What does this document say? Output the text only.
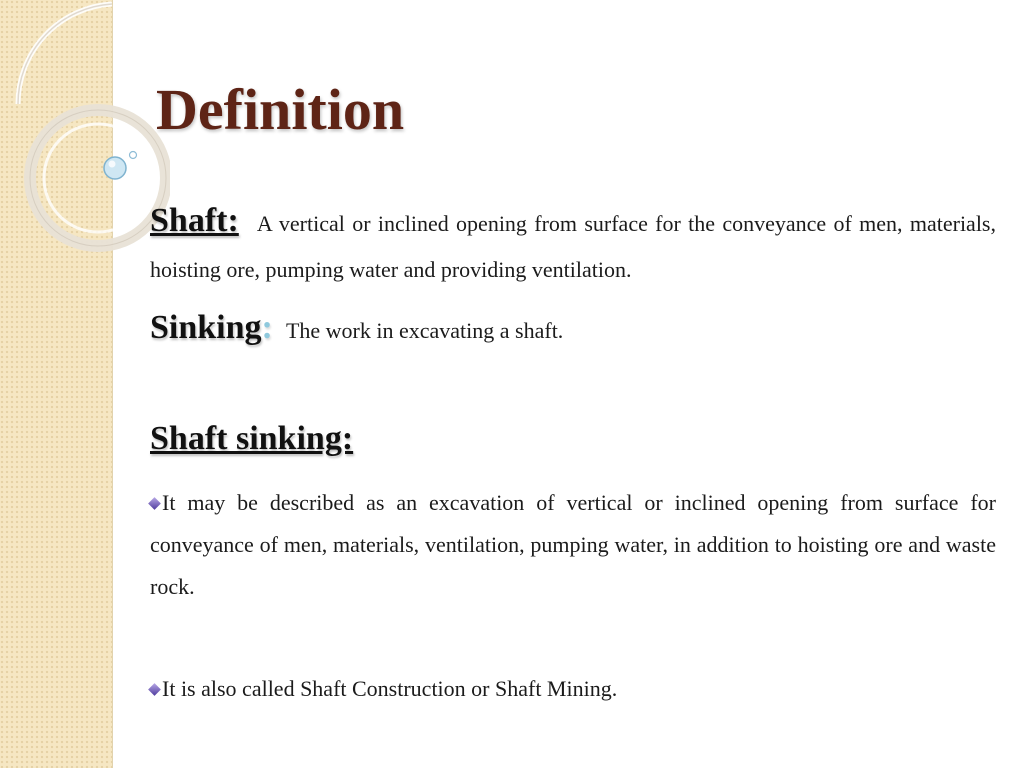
Definition

Shaft: A vertical or inclined opening from surface for the conveyance of men, materials, hoisting ore, pumping water and providing ventilation.

Sinking: The work in excavating a shaft.

Shaft sinking:

It may be described as an excavation of vertical or inclined opening from surface for conveyance of men, materials, ventilation, pumping water, in addition to hoisting ore and waste rock.

It is also called Shaft Construction or Shaft Mining.
